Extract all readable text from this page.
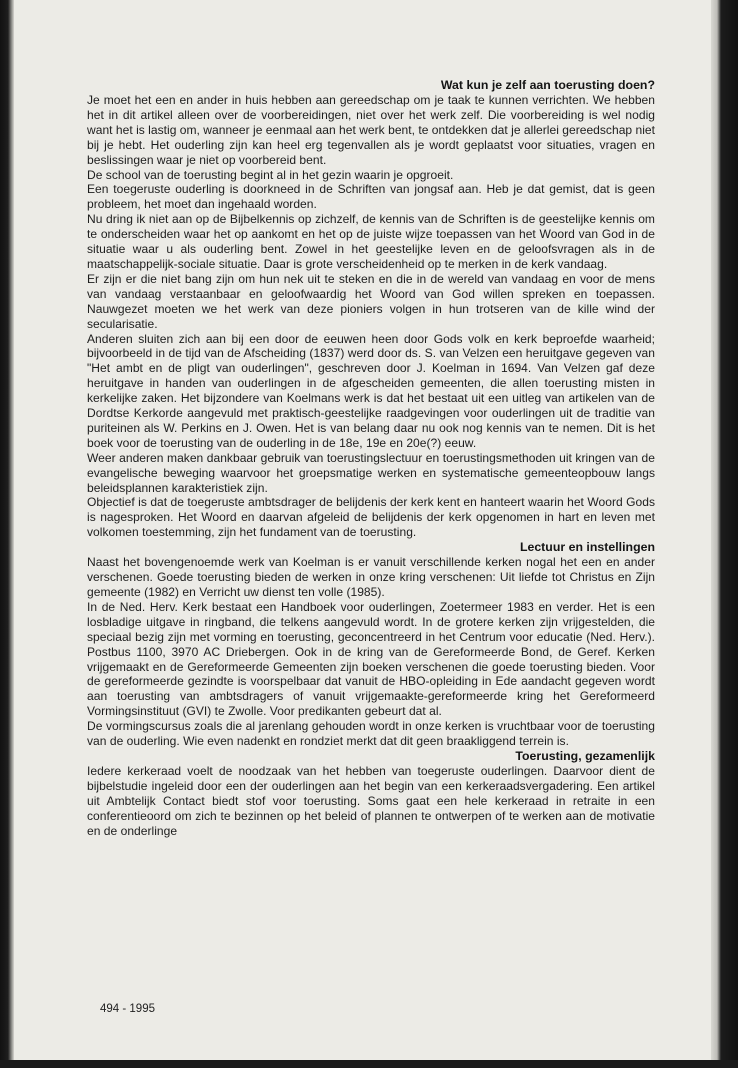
Wat kun je zelf aan toerusting doen?

Je moet het een en ander in huis hebben aan gereedschap om je taak te kunnen verrichten. We hebben het in dit artikel alleen over de voorbereidingen, niet over het werk zelf. Die voorbereiding is wel nodig want het is lastig om, wanneer je eenmaal aan het werk bent, te ontdekken dat je allerlei gereedschap niet bij je hebt. Het ouderling zijn kan heel erg tegenvallen als je wordt geplaatst voor situaties, vragen en beslissingen waar je niet op voorbereid bent.

De school van de toerusting begint al in het gezin waarin je opgroeit.

Een toegeruste ouderling is doorkneed in de Schriften van jongsaf aan. Heb je dat gemist, dat is geen probleem, het moet dan ingehaald worden.

Nu dring ik niet aan op de Bijbelkennis op zichzelf, de kennis van de Schriften is de geestelijke kennis om te onderscheiden waar het op aankomt en het op de juiste wijze toepassen van het Woord van God in de situatie waar u als ouderling bent. Zowel in het geestelijke leven en de geloofsvragen als in de maatschappelijk-sociale situatie. Daar is grote verscheidenheid op te merken in de kerk vandaag.

Er zijn er die niet bang zijn om hun nek uit te steken en die in de wereld van vandaag en voor de mens van vandaag verstaanbaar en geloofwaardig het Woord van God willen spreken en toepassen. Nauwgezet moeten we het werk van deze pioniers volgen in hun trotseren van de kille wind der secularisatie.

Anderen sluiten zich aan bij een door de eeuwen heen door Gods volk en kerk beproefde waarheid; bijvoorbeeld in de tijd van de Afscheiding (1837) werd door ds. S. van Velzen een heruitgave gegeven van "Het ambt en de pligt van ouderlingen", geschreven door J. Koelman in 1694. Van Velzen gaf deze heruitgave in handen van ouderlingen in de afgescheiden gemeenten, die allen toerusting misten in kerkelijke zaken. Het bijzondere van Koelmans werk is dat het bestaat uit een uitleg van artikelen van de Dordtse Kerkorde aangevuld met praktisch-geestelijke raadgevingen voor ouderlingen uit de traditie van puriteinen als W. Perkins en J. Owen. Het is van belang daar nu ook nog kennis van te nemen. Dit is het boek voor de toerusting van de ouderling in de 18e, 19e en 20e(?) eeuw.

Weer anderen maken dankbaar gebruik van toerustingslectuur en toerustingsmethoden uit kringen van de evangelische beweging waarvoor het groepsmatige werken en systematische gemeenteopbouw langs beleidsplannen karakteristiek zijn.

Objectief is dat de toegeruste ambtsdrager de belijdenis der kerk kent en hanteert waarin het Woord Gods is nagesproken. Het Woord en daarvan afgeleid de belijdenis der kerk opgenomen in hart en leven met volkomen toestemming, zijn het fundament van de toerusting.

Lectuur en instellingen

Naast het bovengenoemde werk van Koelman is er vanuit verschillende kerken nogal het een en ander verschenen. Goede toerusting bieden de werken in onze kring verschenen: Uit liefde tot Christus en Zijn gemeente (1982) en Verricht uw dienst ten volle (1985).

In de Ned. Herv. Kerk bestaat een Handboek voor ouderlingen, Zoetermeer 1983 en verder. Het is een losbladige uitgave in ringband, die telkens aangevuld wordt. In de grotere kerken zijn vrijgestelden, die speciaal bezig zijn met vorming en toerusting, geconcentreerd in het Centrum voor educatie (Ned. Herv.). Postbus 1100, 3970 AC Driebergen. Ook in de kring van de Gereformeerde Bond, de Geref. Kerken vrijgemaakt en de Gereformeerde Gemeenten zijn boeken verschenen die goede toerusting bieden. Voor de gereformeerde gezindte is voorspelbaar dat vanuit de HBO-opleiding in Ede aandacht gegeven wordt aan toerusting van ambtsdragers of vanuit vrijgemaakte-gereformeerde kring het Gereformeerd Vormingsinstituut (GVI) te Zwolle. Voor predikanten gebeurt dat al.

De vormingscursus zoals die al jarenlang gehouden wordt in onze kerken is vruchtbaar voor de toerusting van de ouderling. Wie even nadenkt en rondziet merkt dat dit geen braakliggend terrein is.

Toerusting, gezamenlijk

Iedere kerkeraad voelt de noodzaak van het hebben van toegeruste ouderlingen. Daarvoor dient de bijbelstudie ingeleid door een der ouderlingen aan het begin van een kerkeraadsvergadering. Een artikel uit Ambtelijk Contact biedt stof voor toerusting. Soms gaat een hele kerkeraad in retraite in een conferentieoord om zich te bezinnen op het beleid of plannen te ontwerpen of te werken aan de motivatie en de onderlinge

494 - 1995
